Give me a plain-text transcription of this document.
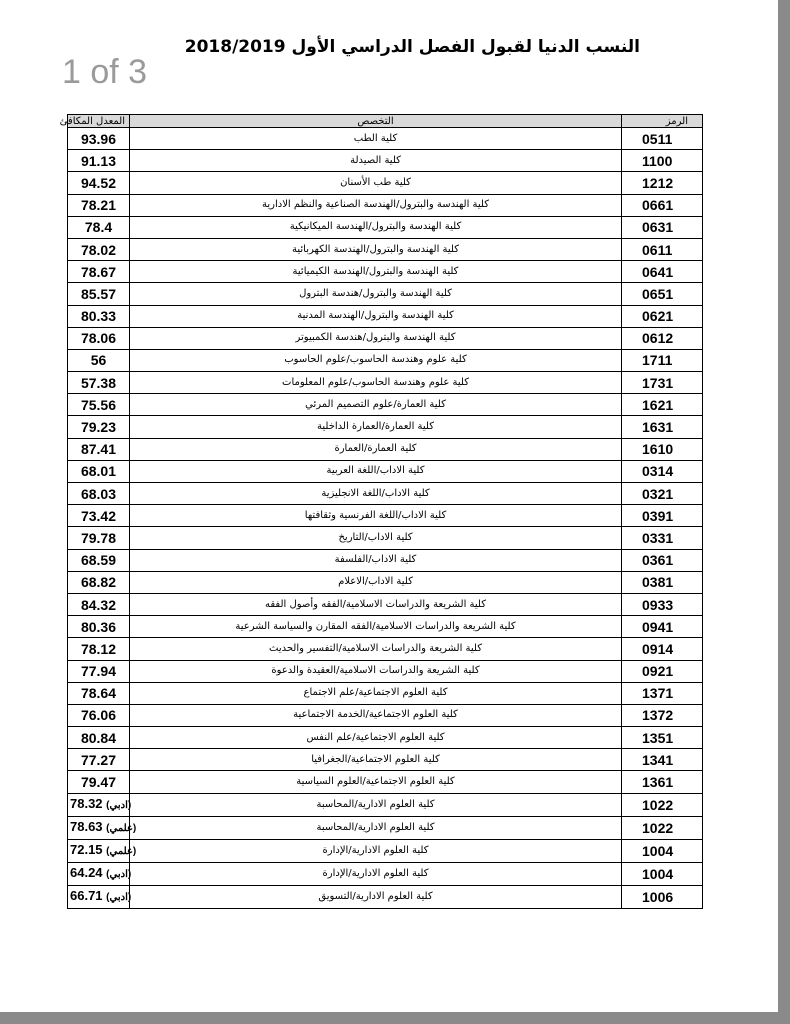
النسب الدنيا لقبول الفصل الدراسي الأول 2018/2019
1 of 3
المعدل المكافئ	التخصص	الرمز
93.96	كلية الطب	0511
91.13	كلية الصيدلة	1100
94.52	كلية طب الأسنان	1212
78.21	كلية الهندسة والبترول/الهندسة الصناعية والنظم الادارية	0661
78.4	كلية الهندسة والبترول/الهندسة الميكانيكية	0631
78.02	كلية الهندسة والبترول/الهندسة الكهربائية	0611
78.67	كلية الهندسة والبترول/الهندسة الكيميائية	0641
85.57	كلية الهندسة والبترول/هندسة البترول	0651
80.33	كلية الهندسة والبترول/الهندسة المدنية	0621
78.06	كلية الهندسة والبترول/هندسة الكمبيوتر	0612
56	كلية علوم وهندسة الحاسوب/علوم الحاسوب	1711
57.38	كلية علوم وهندسة الحاسوب/علوم المعلومات	1731
75.56	كلية العمارة/علوم التصميم المرئي	1621
79.23	كلية العمارة/العمارة الداخلية	1631
87.41	كلية العمارة/العمارة	1610
68.01	كلية الاداب/اللغة العربية	0314
68.03	كلية الاداب/اللغة الانجليزية	0321
73.42	كلية الاداب/اللغة الفرنسية وثقافتها	0391
79.78	كلية الاداب/التاريخ	0331
68.59	كلية الاداب/الفلسفة	0361
68.82	كلية الاداب/الاعلام	0381
84.32	كلية الشريعة والدراسات الاسلامية/الفقه وأصول الفقه	0933
80.36	كلية الشريعة والدراسات الاسلامية/الفقه المقارن والسياسة الشرعية	0941
78.12	كلية الشريعة والدراسات الاسلامية/التفسير والحديث	0914
77.94	كلية الشريعة والدراسات الاسلامية/العقيدة والدعوة	0921
78.64	كلية العلوم الاجتماعية/علم الاجتماع	1371
76.06	كلية العلوم الاجتماعية/الخدمة الاجتماعية	1372
80.84	كلية العلوم الاجتماعية/علم النفس	1351
77.27	كلية العلوم الاجتماعية/الجغرافيا	1341
79.47	كلية العلوم الاجتماعية/العلوم السياسية	1361
78.32 (ادبي)	كلية العلوم الادارية/المحاسبة	1022
78.63 (علمي)	كلية العلوم الادارية/المحاسبة	1022
72.15 (علمي)	كلية العلوم الادارية/الإدارة	1004
64.24 (ادبي)	كلية العلوم الادارية/الإدارة	1004
66.71 (ادبي)	كلية العلوم الادارية/التسويق	1006
